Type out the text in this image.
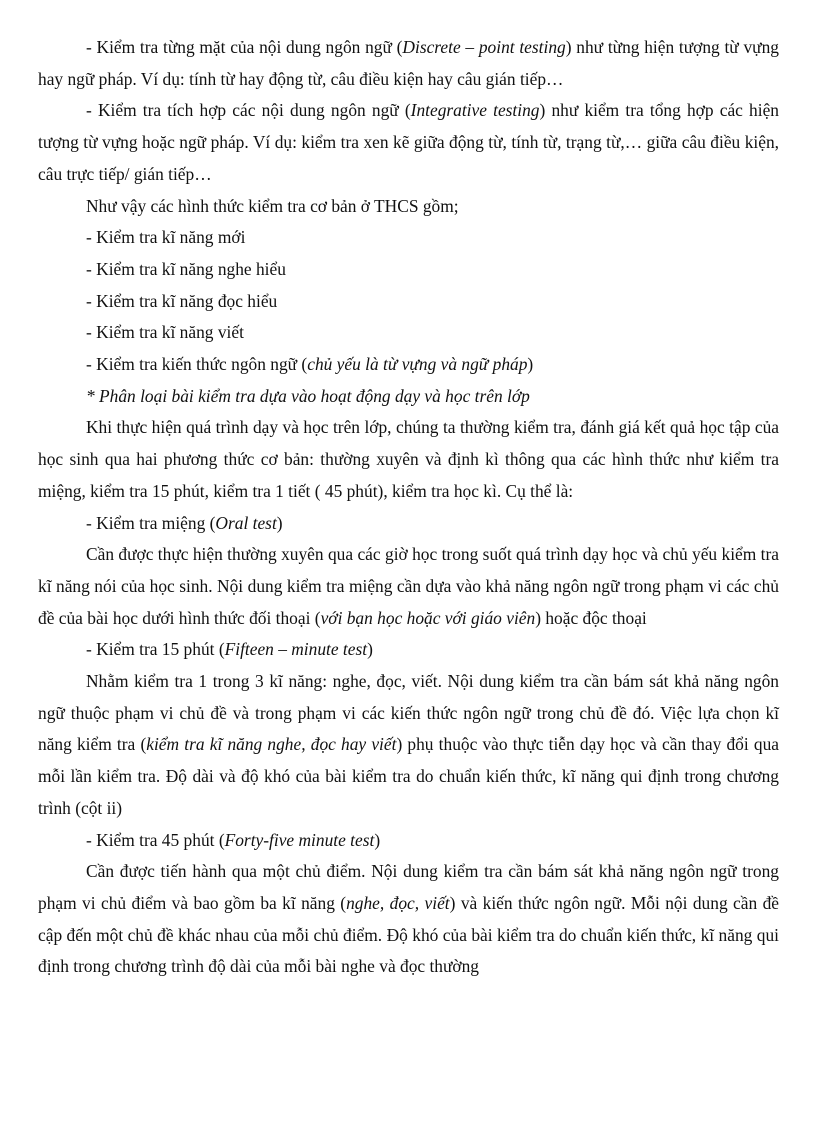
- Kiểm tra từng mặt của nội dung ngôn ngữ (Discrete – point testing) như từng hiện tượng từ vựng hay ngữ pháp. Ví dụ: tính từ hay động từ, câu điều kiện hay câu gián tiếp…

- Kiểm tra tích hợp các nội dung ngôn ngữ (Integrative testing) như kiểm tra tổng hợp các hiện tượng từ vựng hoặc ngữ pháp. Ví dụ: kiểm tra xen kẽ giữa động từ, tính từ, trạng từ,… giữa câu điều kiện, câu trực tiếp/ gián tiếp…

Như vậy các hình thức kiểm tra cơ bản ở THCS gồm;

- Kiểm tra kĩ năng mới

- Kiểm tra kĩ năng nghe hiểu

- Kiểm tra kĩ năng đọc hiểu

- Kiểm tra kĩ năng viết

- Kiểm tra kiến thức ngôn ngữ (chủ yếu là từ vựng và ngữ pháp)

* Phân loại bài kiểm tra dựa vào hoạt động dạy và học trên lớp

Khi thực hiện quá trình dạy và học trên lớp, chúng ta thường kiểm tra, đánh giá kết quả học tập của học sinh qua hai phương thức cơ bản: thường xuyên và định kì thông qua các hình thức như kiểm tra miệng, kiểm tra 15 phút, kiểm tra 1 tiết ( 45 phút), kiểm tra học kì. Cụ thể là:

- Kiểm tra miệng (Oral test)

Cần được thực hiện thường xuyên qua các giờ học trong suốt quá trình dạy học và chủ yếu kiểm tra kĩ năng nói của học sinh. Nội dung kiểm tra miệng cần dựa vào khả năng ngôn ngữ trong phạm vi các chủ đề của bài học dưới hình thức đối thoại (với bạn học hoặc với giáo viên) hoặc độc thoại

- Kiểm tra 15 phút (Fifteen – minute test)

Nhằm kiểm tra 1 trong 3 kĩ năng: nghe, đọc, viết. Nội dung kiểm tra cần bám sát khả năng ngôn ngữ thuộc phạm vi chủ đề và trong phạm vi các kiến thức ngôn ngữ trong chủ đề đó. Việc lựa chọn kĩ năng kiểm tra (kiểm tra kĩ năng nghe, đọc hay viết) phụ thuộc vào thực tiễn dạy học và cần thay đổi qua mỗi lần kiểm tra. Độ dài và độ khó của bài kiểm tra do chuẩn kiến thức, kĩ năng qui định trong chương trình (cột ii)

- Kiểm tra 45 phút (Forty-five minute test)

Cần được tiến hành qua một chủ điểm. Nội dung kiểm tra cần bám sát khả năng ngôn ngữ trong phạm vi chủ điểm và bao gồm ba kĩ năng (nghe, đọc, viết) và kiến thức ngôn ngữ. Mỗi nội dung cần đề cập đến một chủ đề khác nhau của mỗi chủ điểm. Độ khó của bài kiểm tra do chuẩn kiến thức, kĩ năng qui định trong chương trình độ dài của mỗi bài nghe và đọc thường
